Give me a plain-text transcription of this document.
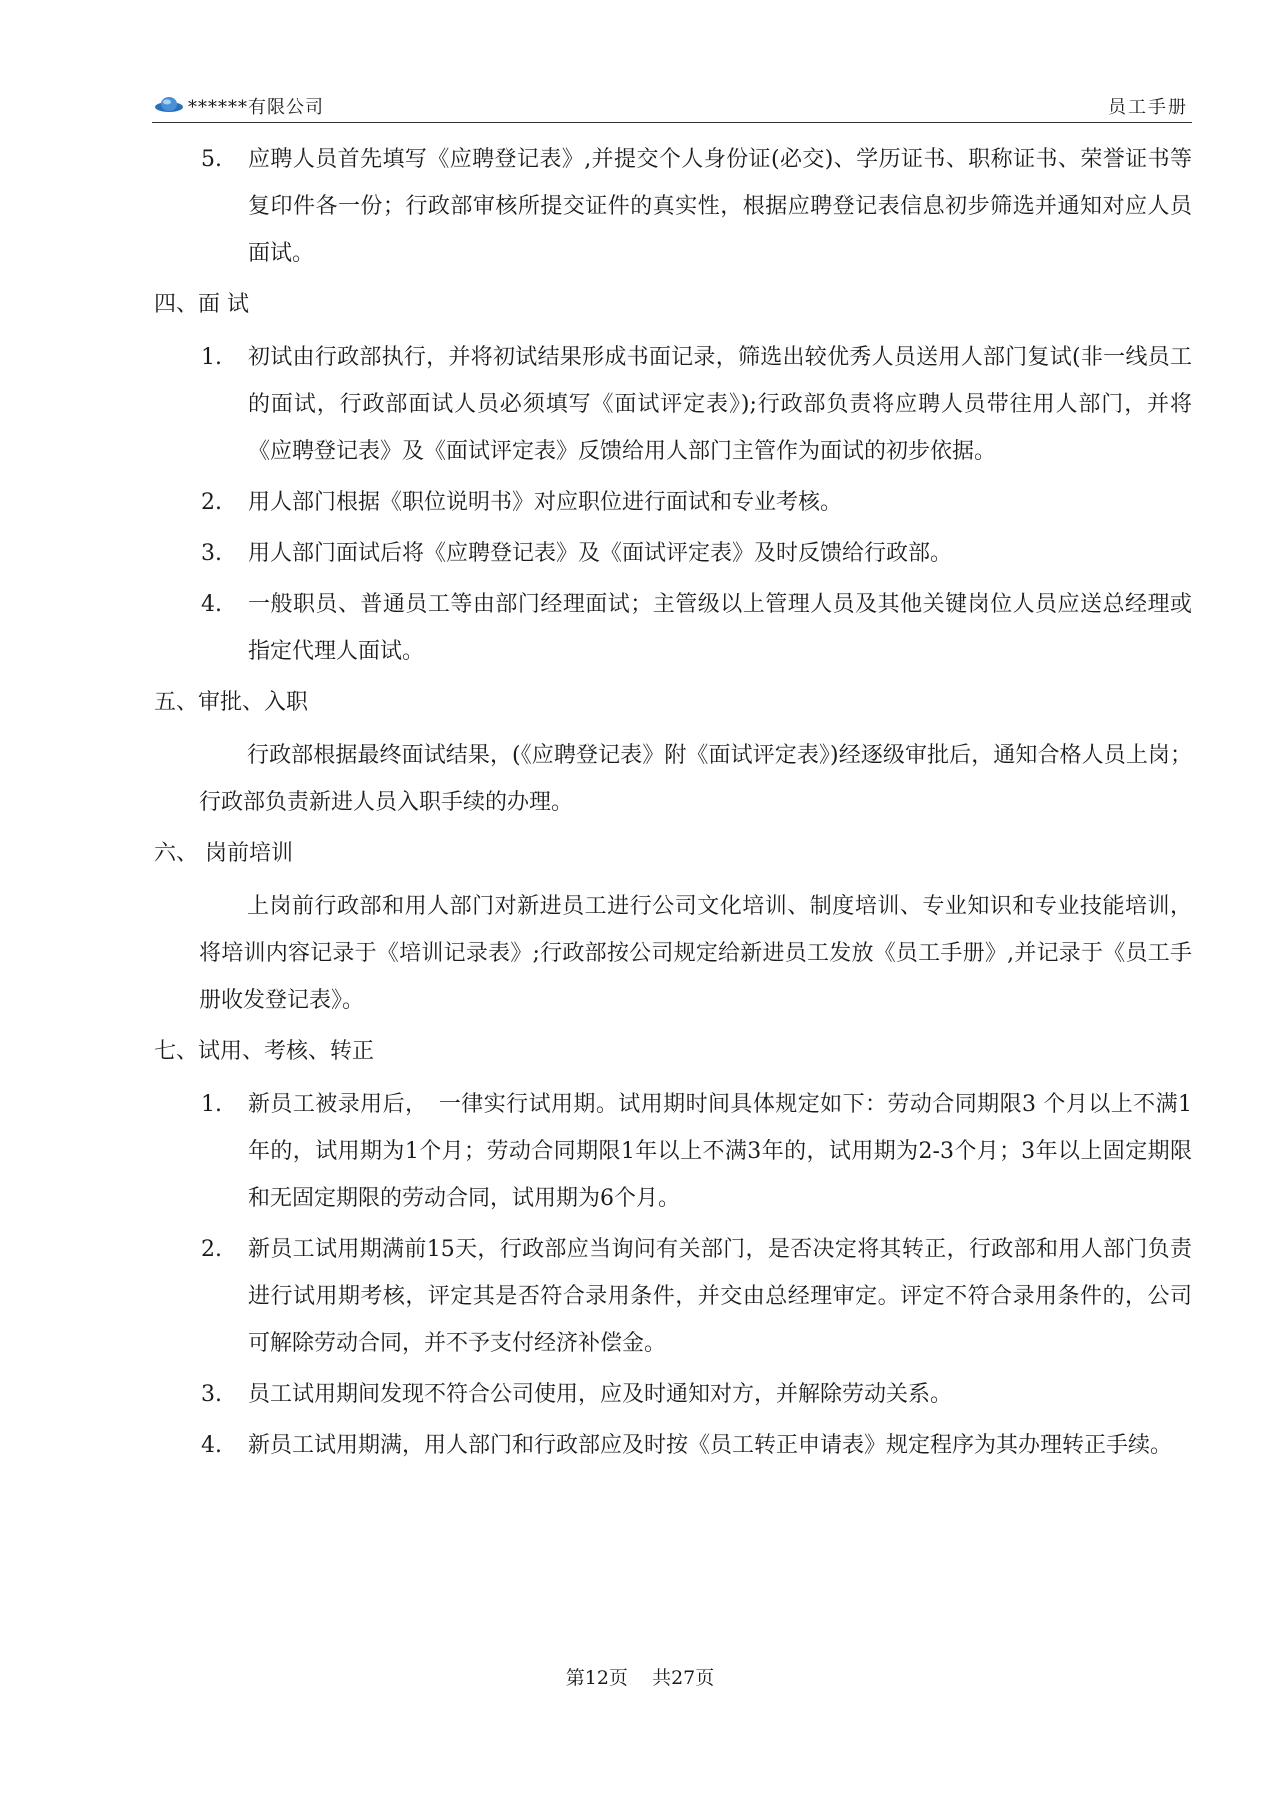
******有限公司	员工手册
5.	应聘人员首先填写《应聘登记表》,并提交个人身份证(必交)、学历证书、职称证书、荣誉证书等复印件各一份；行政部审核所提交证件的真实性，根据应聘登记表信息初步筛选并通知对应人员面试。
四、面 试
1.	初试由行政部执行，并将初试结果形成书面记录，筛选出较优秀人员送用人部门复试(非一线员工的面试，行政部面试人员必须填写《面试评定表》);行政部负责将应聘人员带往用人部门，并将《应聘登记表》及《面试评定表》反馈给用人部门主管作为面试的初步依据。
2.	用人部门根据《职位说明书》对应职位进行面试和专业考核。
3.	用人部门面试后将《应聘登记表》及《面试评定表》及时反馈给行政部。
4.	一般职员、普通员工等由部门经理面试；主管级以上管理人员及其他关键岗位人员应送总经理或指定代理人面试。
五、审批、入职
行政部根据最终面试结果，(《应聘登记表》附《面试评定表》)经逐级审批后，通知合格人员上岗；行政部负责新进人员入职手续的办理。
六、 岗前培训
上岗前行政部和用人部门对新进员工进行公司文化培训、制度培训、专业知识和专业技能培训，将培训内容记录于《培训记录表》;行政部按公司规定给新进员工发放《员工手册》,并记录于《员工手册收发登记表》。
七、试用、考核、转正
1.	新员工被录用后，　一律实行试用期。试用期时间具体规定如下：劳动合同期限3 个月以上不满1年的，试用期为1个月；劳动合同期限1年以上不满3年的，试用期为2-3个月；3年以上固定期限和无固定期限的劳动合同，试用期为6个月。
2.	新员工试用期满前15天，行政部应当询问有关部门，是否决定将其转正，行政部和用人部门负责进行试用期考核，评定其是否符合录用条件，并交由总经理审定。评定不符合录用条件的，公司可解除劳动合同，并不予支付经济补偿金。
3.	员工试用期间发现不符合公司使用，应及时通知对方，并解除劳动关系。
4.	新员工试用期满，用人部门和行政部应及时按《员工转正申请表》规定程序为其办理转正手续。
第12页    共27页
